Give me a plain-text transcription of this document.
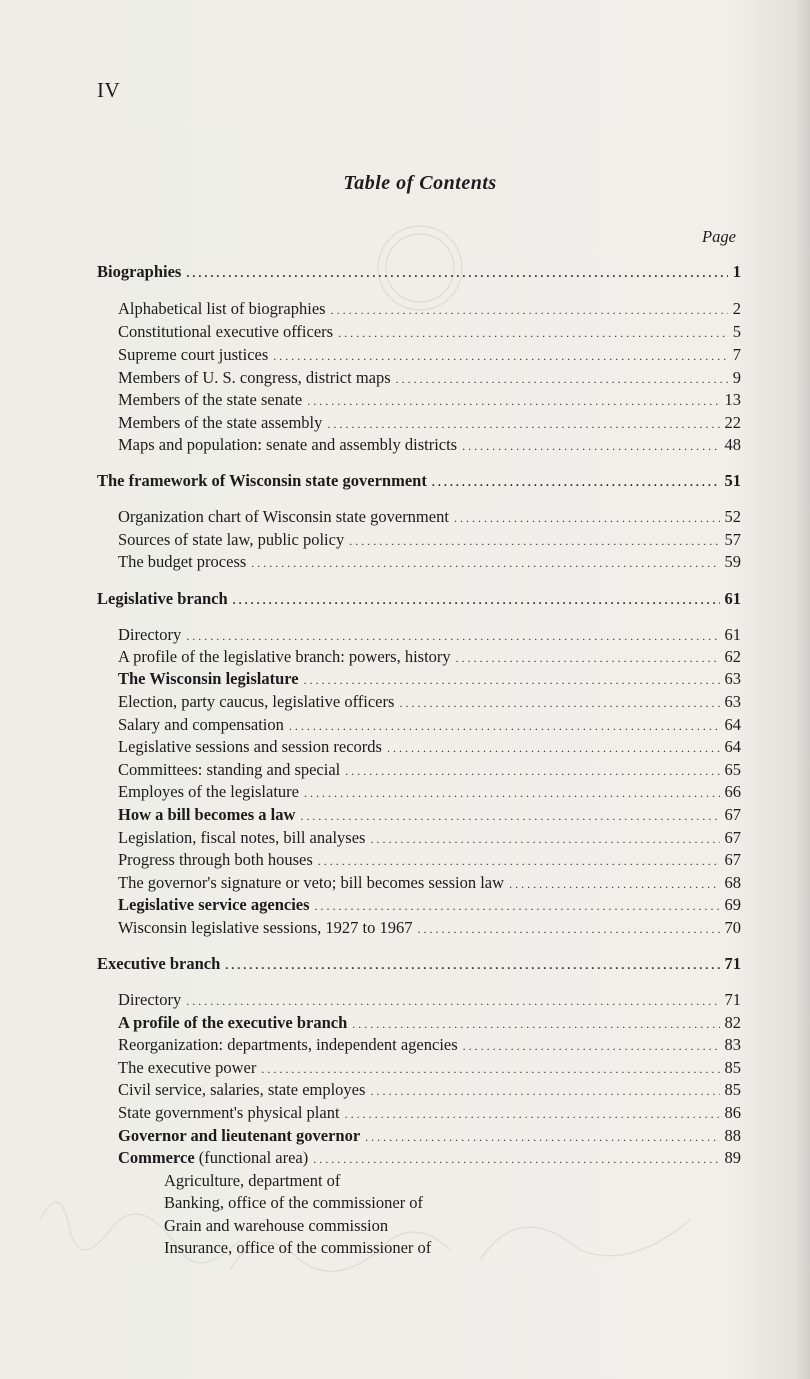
IV
Table of Contents
Page
Biographies . . .	1
Alphabetical list of biographies . . .	2
Constitutional executive officers . . .	5
Supreme court justices . . .	7
Members of U. S. congress, district maps . . .	9
Members of the state senate . . .	13
Members of the state assembly . . .	22
Maps and population: senate and assembly districts . . .	48
The framework of Wisconsin state government . . .	51
Organization chart of Wisconsin state government . . .	52
Sources of state law, public policy . . .	57
The budget process . . .	59
Legislative branch . . .	61
Directory . . .	61
A profile of the legislative branch: powers, history . . .	62
The Wisconsin legislature . . .	63
Election, party caucus, legislative officers . . .	63
Salary and compensation . . .	64
Legislative sessions and session records . . .	64
Committees: standing and special . . .	65
Employes of the legislature . . .	66
How a bill becomes a law . . .	67
Legislation, fiscal notes, bill analyses . . .	67
Progress through both houses . . .	67
The governor's signature or veto; bill becomes session law . . .	68
Legislative service agencies . . .	69
Wisconsin legislative sessions, 1927 to 1967 . . .	70
Executive branch . . .	71
Directory . . .	71
A profile of the executive branch . . .	82
Reorganization: departments, independent agencies . . .	83
The executive power . . .	85
Civil service, salaries, state employes . . .	85
State government's physical plant . . .	86
Governor and lieutenant governor . . .	88
Commerce (functional area) . . .	89
Agriculture, department of
Banking, office of the commissioner of
Grain and warehouse commission
Insurance, office of the commissioner of
